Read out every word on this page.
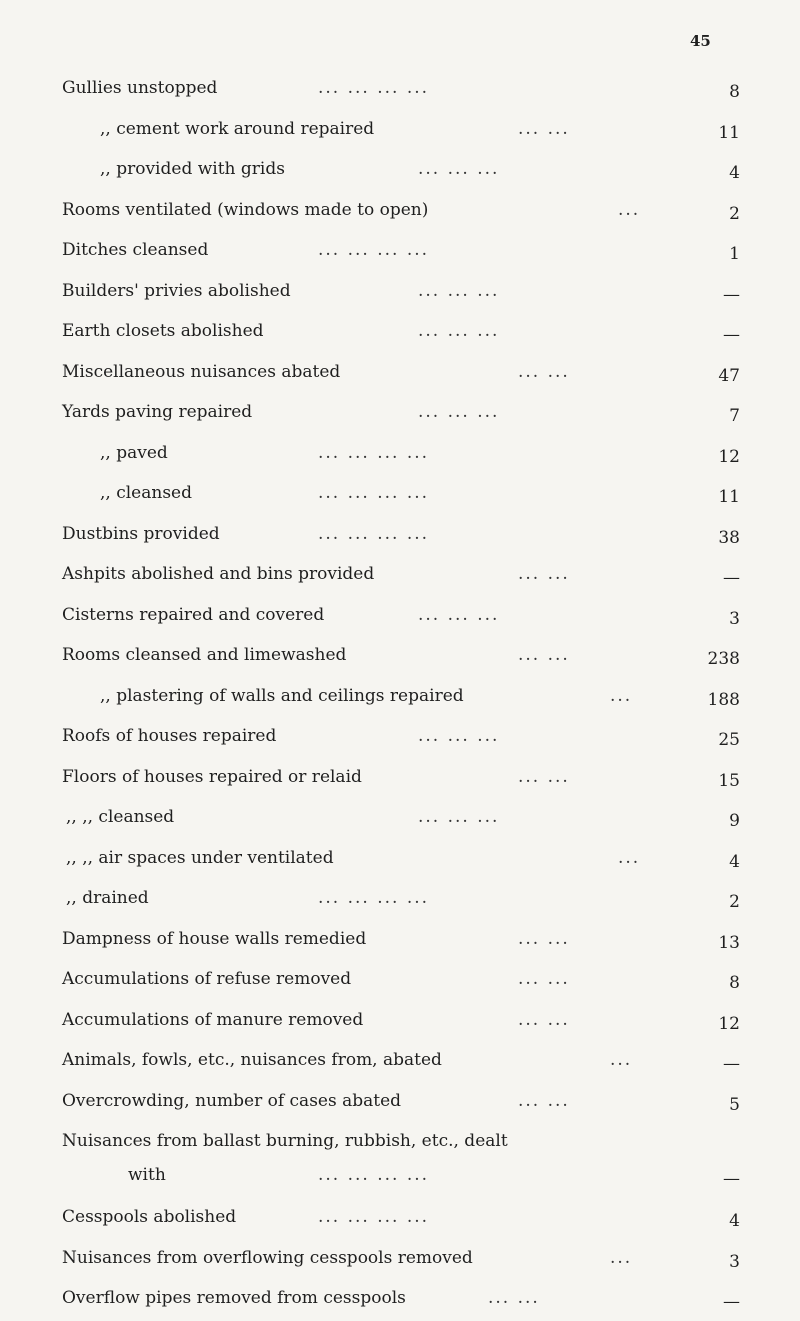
45
Gullies unstopped	... ... ... ...	8
,, cement work around repaired	... ...	11
,, provided with grids	... ... ...	4
Rooms ventilated (windows made to open)	...	2
Ditches cleansed	... ... ... ...	1
Builders' privies abolished	... ... ...	—
Earth closets abolished	... ... ...	—
Miscellaneous nuisances abated	... ...	47
Yards paving repaired	... ... ...	7
,, paved	... ... ... ...	12
,, cleansed	... ... ... ...	11
Dustbins provided	... ... ... ...	38
Ashpits abolished and bins provided	... ...	—
Cisterns repaired and covered	... ... ...	3
Rooms cleansed and limewashed	... ...	238
,, plastering of walls and ceilings repaired	...	188
Roofs of houses repaired	... ... ...	25
Floors of houses repaired or relaid	... ...	15
,, ,, cleansed	... ... ...	9
,, ,, air spaces under ventilated	...	4
,, drained	... ... ... ...	2
Dampness of house walls remedied	... ...	13
Accumulations of refuse removed	... ...	8
Accumulations of manure removed	... ...	12
Animals, fowls, etc., nuisances from, abated	...	—
Overcrowding, number of cases abated	... ...	5
Nuisances from ballast burning, rubbish, etc., dealt
with	... ... ... ...	—
Cesspools abolished	... ... ... ...	4
Nuisances from overflowing cesspools removed	...	3
Overflow pipes removed from cesspools	... ...	—
